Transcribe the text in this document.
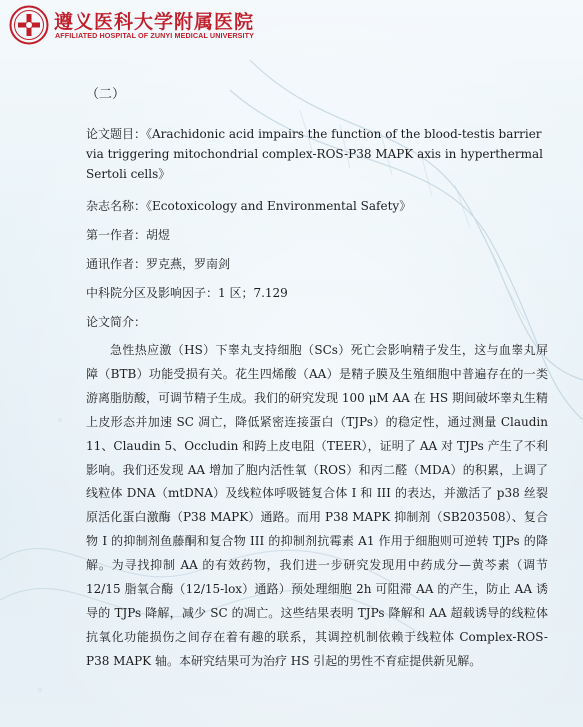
遵义医科大学附属医院
AFFILIATED HOSPITAL OF ZUNYI MEDICAL UNIVERSITY
（二）

论文题目：《Arachidonic acid impairs the function of the blood-testis barrier via triggering mitochondrial complex-ROS-P38 MAPK axis in hyperthermal Sertoli cells》

杂志名称：《Ecotoxicology and Environmental Safety》

第一作者：胡煜

通讯作者：罗克燕，罗南剑

中科院分区及影响因子：1 区；7.129

论文简介：

急性热应激（HS）下睾丸支持细胞（SCs）死亡会影响精子发生，这与血睾丸屏障（BTB）功能受损有关。花生四烯酸（AA）是精子膜及生殖细胞中普遍存在的一类游离脂肪酸，可调节精子生成。我们的研究发现 100 μM AA 在 HS 期间破坏睾丸生精上皮形态并加速 SC 凋亡，降低紧密连接蛋白（TJPs）的稳定性，通过测量 Claudin 11、Claudin 5、Occludin 和跨上皮电阻（TEER），证明了 AA 对 TJPs 产生了不利影响。我们还发现 AA 增加了胞内活性氧（ROS）和丙二醛（MDA）的积累，上调了线粒体 DNA（mtDNA）及线粒体呼吸链复合体 I 和 III 的表达，并激活了 p38 丝裂原活化蛋白激酶（P38 MAPK）通路。而用 P38 MAPK 抑制剂（SB203508）、复合物 I 的抑制剂鱼藤酮和复合物 III 的抑制剂抗霉素 A1 作用于细胞则可逆转 TJPs 的降解。为寻找抑制 AA 的有效药物，我们进一步研究发现用中药成分—黄芩素（调节 12/15 脂氧合酶（12/15-lox）通路）预处理细胞 2h 可阻滞 AA 的产生，防止 AA 诱导的 TJPs 降解，减少 SC 的凋亡。这些结果表明 TJPs 降解和 AA 超载诱导的线粒体抗氧化功能损伤之间存在着有趣的联系，其调控机制依赖于线粒体 Complex-ROS-P38 MAPK 轴。本研究结果可为治疗 HS 引起的男性不育症提供新见解。
